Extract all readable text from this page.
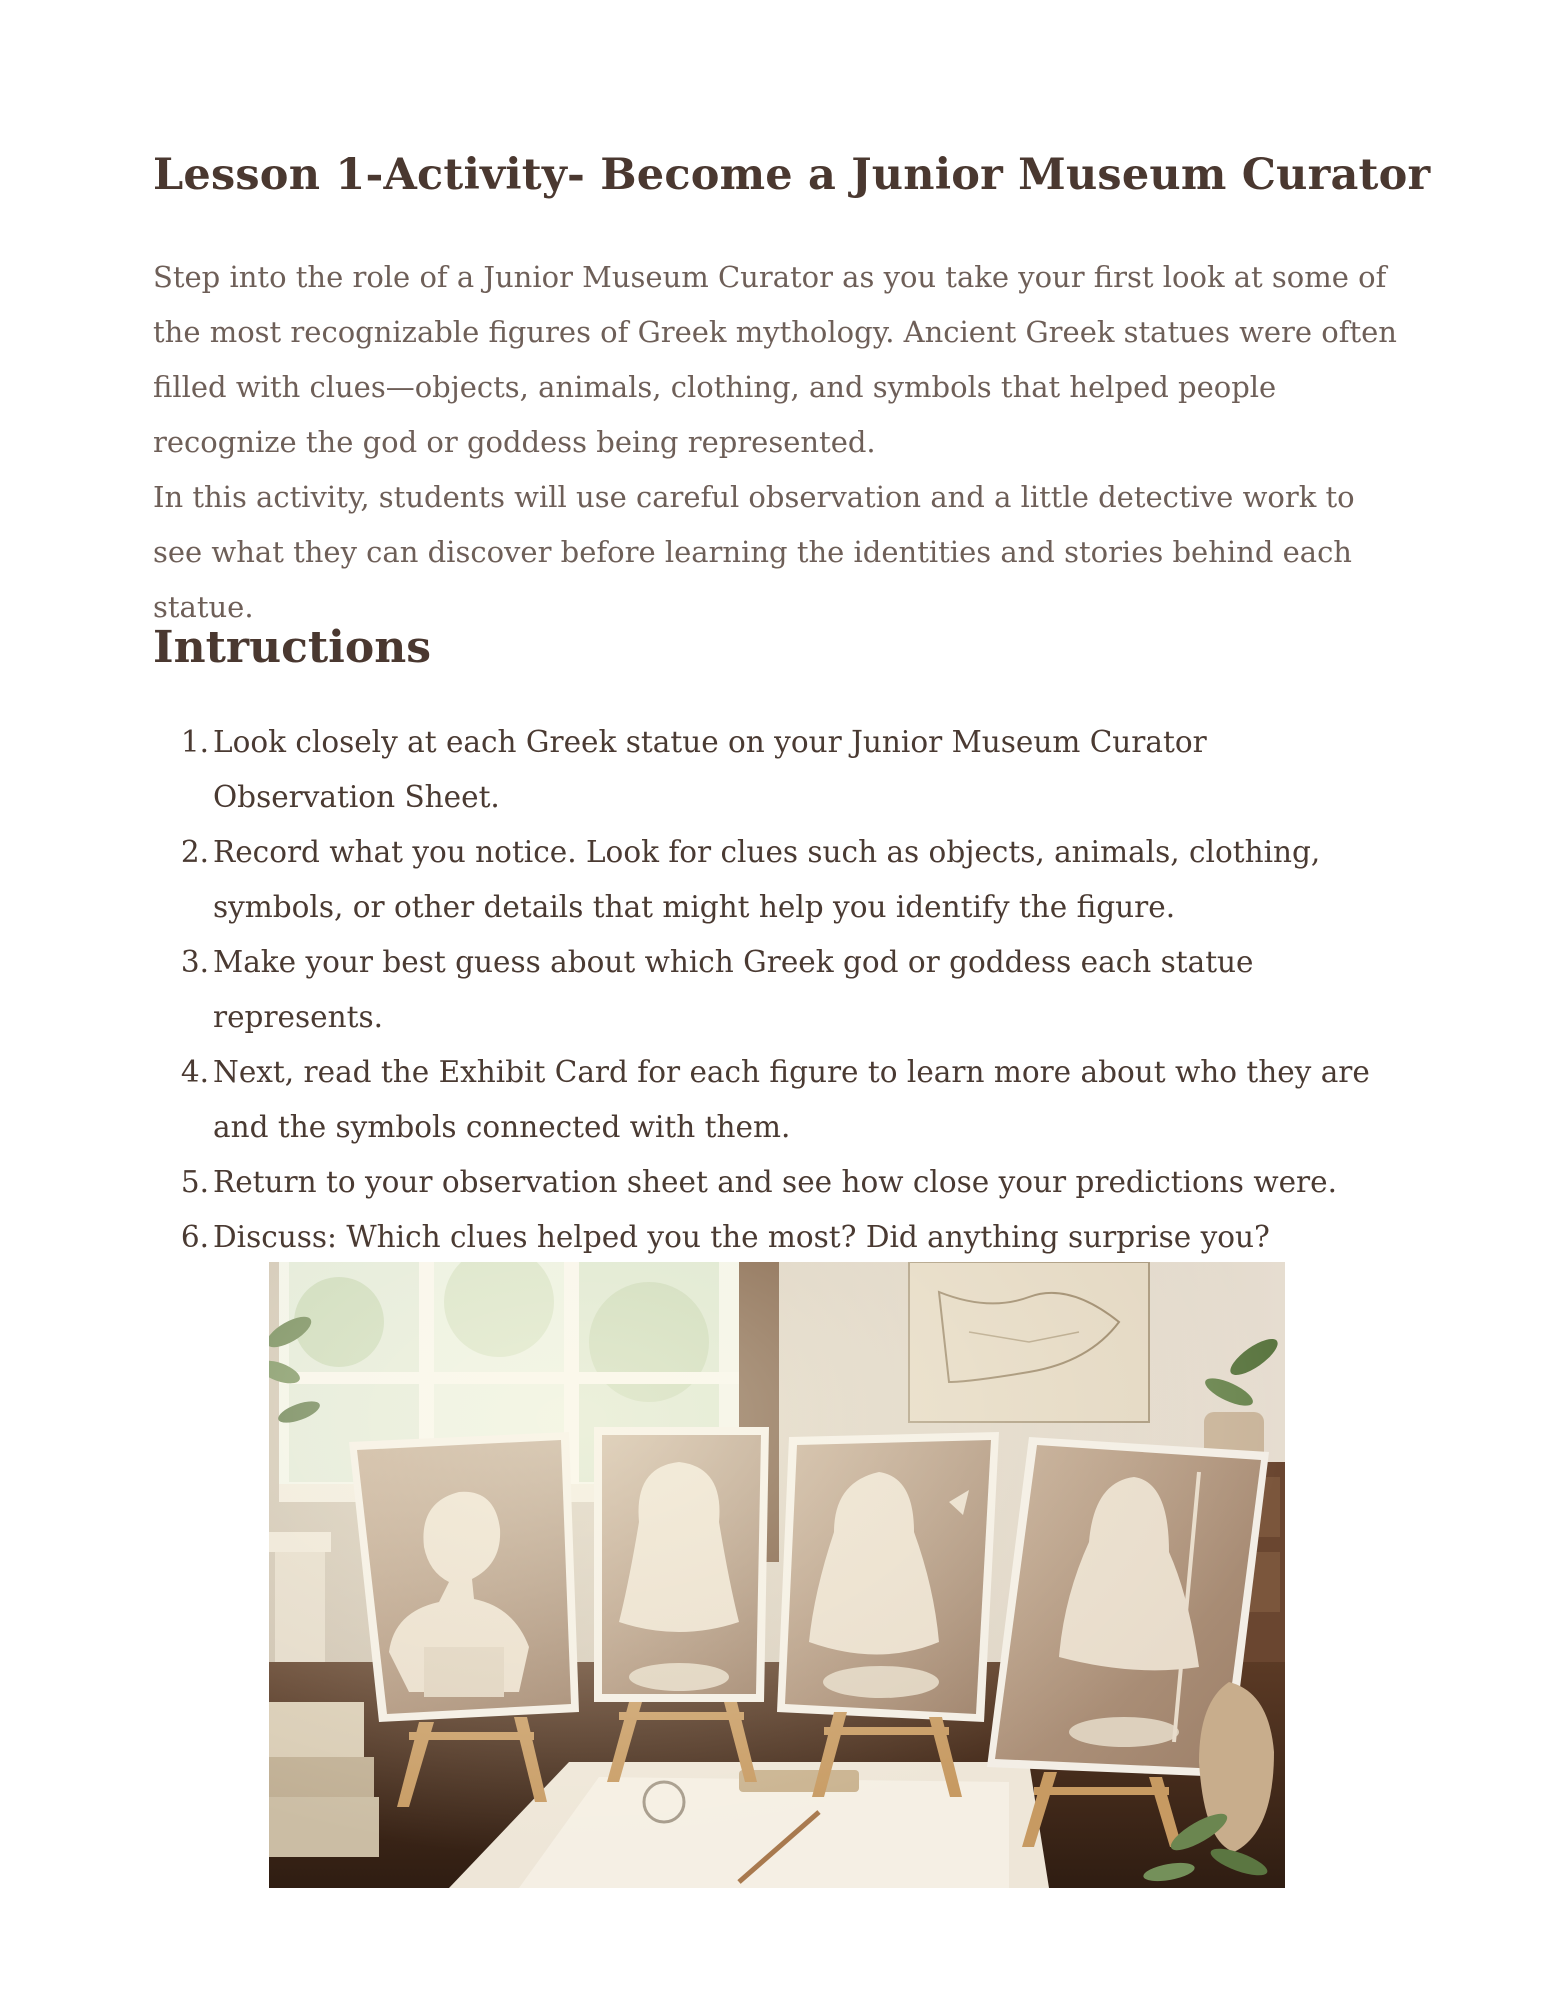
Lesson 1-Activity- Become a Junior Museum Curator

Step into the role of a Junior Museum Curator as you take your first look at some of the most recognizable figures of Greek mythology. Ancient Greek statues were often filled with clues—objects, animals, clothing, and symbols that helped people recognize the god or goddess being represented.

In this activity, students will use careful observation and a little detective work to see what they can discover before learning the identities and stories behind each statue.

Intructions
1. Look closely at each Greek statue on your Junior Museum Curator Observation Sheet.
2. Record what you notice. Look for clues such as objects, animals, clothing, symbols, or other details that might help you identify the figure.
3. Make your best guess about which Greek god or goddess each statue represents.
4. Next, read the Exhibit Card for each figure to learn more about who they are and the symbols connected with them.
5. Return to your observation sheet and see how close your predictions were.
6. Discuss: Which clues helped you the most? Did anything surprise you?
